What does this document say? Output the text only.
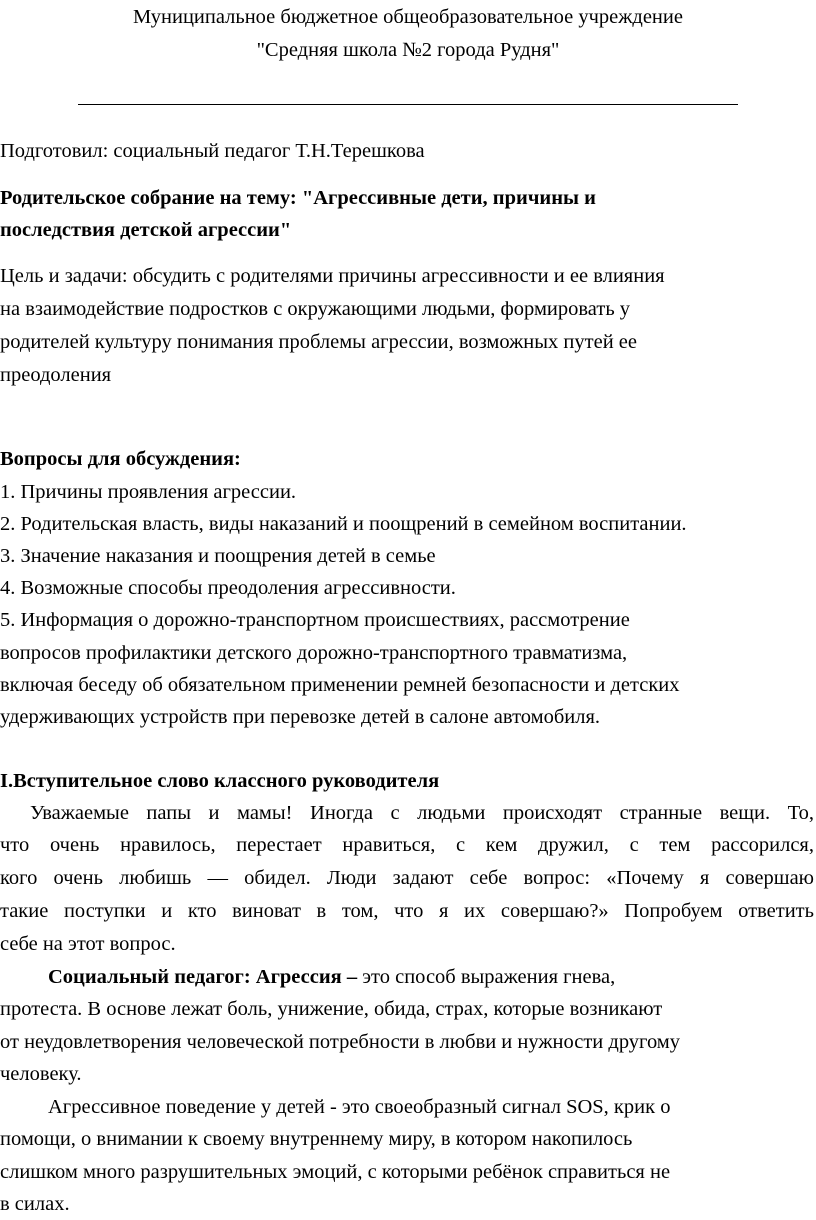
Муниципальное бюджетное общеобразовательное учреждение
"Средняя школа №2 города Рудня"
Подготовил: социальный педагог Т.Н.Терешкова
Родительское собрание на тему: "Агрессивные дети, причины и
последствия детской агрессии"
Цель и задачи: обсудить с родителями причины агрессивности и ее влияния
на взаимодействие подростков с окружающими людьми, формировать у
родителей культуру понимания проблемы агрессии, возможных путей ее
преодоления
Вопросы для обсуждения:
1. Причины проявления агрессии.
2. Родительская власть, виды наказаний и поощрений в семейном воспитании.
3. Значение наказания и поощрения детей в семье
4. Возможные способы преодоления агрессивности.
5. Информация о дорожно-транспортном происшествиях, рассмотрение
вопросов профилактики детского дорожно-транспортного травматизма,
включая беседу об обязательном применении ремней безопасности и детских
удерживающих устройств при перевозке детей в салоне автомобиля.
I.Вступительное слово классного руководителя
Уважаемые папы и мамы! Иногда с людьми происходят странные вещи. То,
что очень нравилось, перестает нравиться, с кем дружил, с тем рассорился,
кого очень любишь — обидел. Люди задают себе вопрос: «Почему я совершаю
такие поступки и кто виноват в том, что я их совершаю?» Попробуем ответить
себе на этот вопрос.
Социальный педагог: Агрессия – это способ выражения гнева,
протеста. В основе лежат боль, унижение, обида, страх, которые возникают
от неудовлетворения человеческой потребности в любви и нужности другому
человеку.
Агрессивное поведение у детей - это своеобразный сигнал SOS, крик о
помощи, о внимании к своему внутреннему миру, в котором накопилось
слишком много разрушительных эмоций, с которыми ребёнок справиться не
в силах.
